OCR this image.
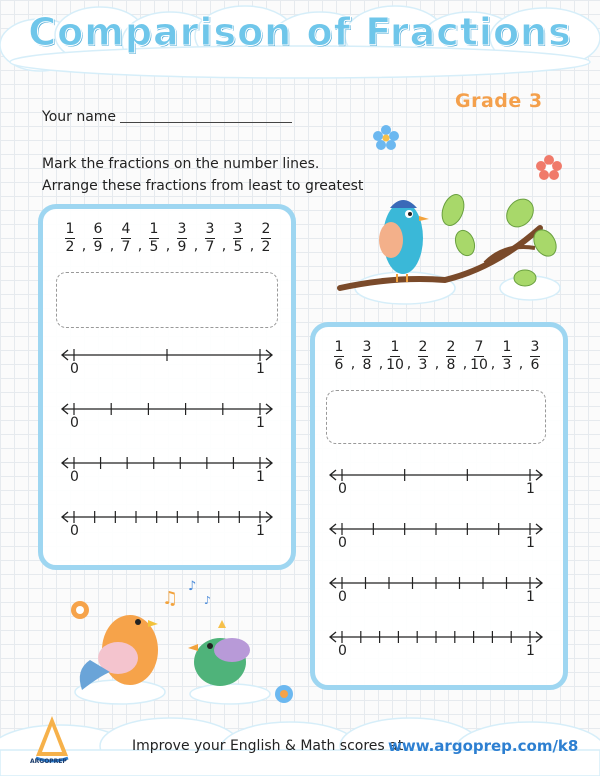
Comparison of Fractions
Grade 3
Your name
Mark the fractions on the number lines.
Arrange these fractions from least to greatest
$\frac{1}{2}$ , $\frac{6}{9}$ , $\frac{4}{7}$ , $\frac{1}{5}$ , $\frac{3}{9}$ , $\frac{3}{7}$ , $\frac{3}{5}$ , $\frac{2}{2}$
0	1
0	1
0	1
0	1
$\frac{1}{6}$ , $\frac{3}{8}$ , $\frac{1}{10}$ , $\frac{2}{3}$ , $\frac{2}{8}$ , $\frac{7}{10}$ , $\frac{1}{3}$ , $\frac{3}{6}$
0	1
0	1
0	1
0	1
♫
♪
♪
ARGOPREP
Improve your English & Math scores at
www.argoprep.com/k8
